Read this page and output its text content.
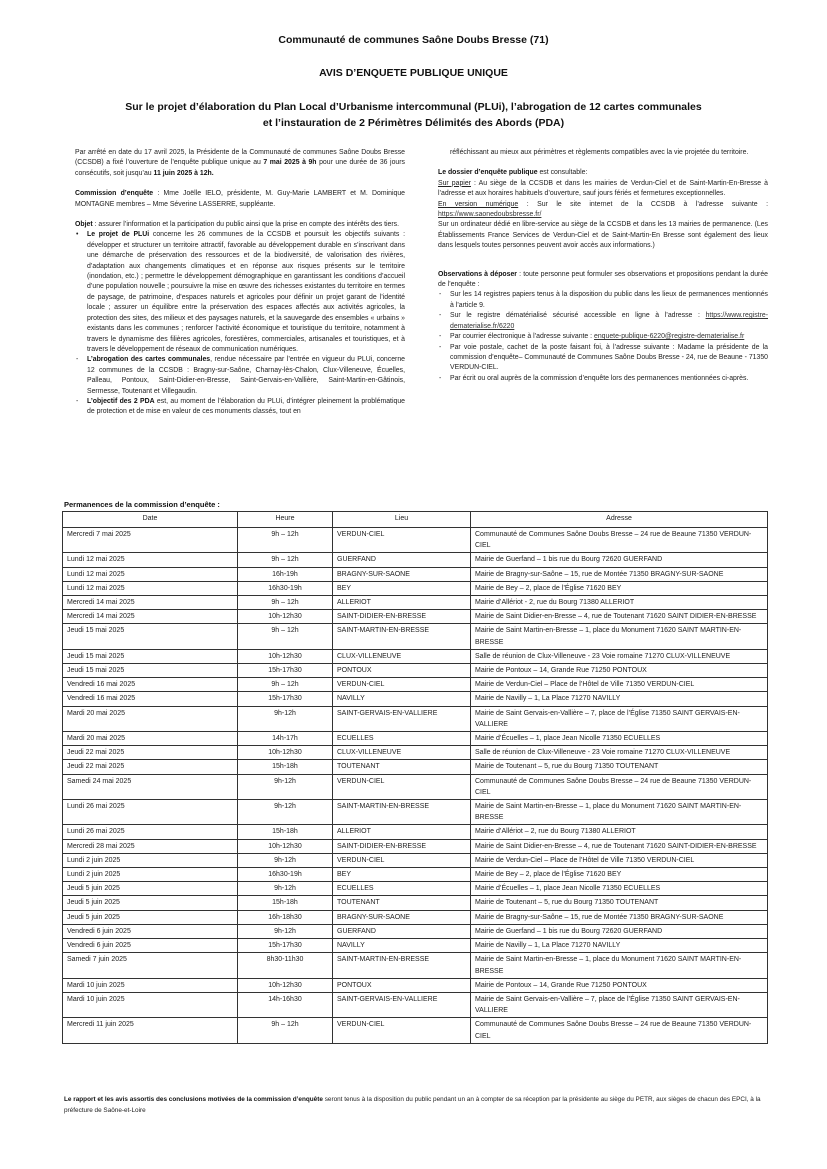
Communauté de communes Saône Doubs Bresse (71)
AVIS D’ENQUETE PUBLIQUE UNIQUE
Sur le projet d’élaboration du Plan Local d’Urbanisme intercommunal (PLUi), l’abrogation de 12 cartes communales
et l’instauration de 2 Périmètres Délimités des Abords (PDA)

Par arrêté en date du 17 avril 2025, la Présidente de la Communauté de communes Saône Doubs Bresse (CCSDB) a fixé l’ouverture de l’enquête publique unique au 7 mai 2025 à 9h pour une durée de 36 jours consécutifs, soit jusqu’au 11 juin 2025 à 12h.

Commission d’enquête : Mme Joëlle IELO, présidente, M. Guy-Marie LAMBERT et M. Dominique MONTAGNE membres – Mme Séverine LASSERRE, suppléante.

Objet : assurer l’information et la participation du public ainsi que la prise en compte des intérêts des tiers.

• Le projet de PLUi concerne les 26 communes de la CCSDB et poursuit les objectifs suivants : développer et structurer un territoire attractif, favorable au développement durable en s’inscrivant dans une démarche de préservation des ressources et de la biodiversité, de valorisation des rivières, d’adaptation aux changements climatiques et en réponse aux risques présents sur le territoire (inondation, etc.) ; permettre le développement démographique en garantissant les conditions d’accueil d’une population nouvelle ; poursuivre la mise en œuvre des richesses existantes du territoire en termes de paysage, de patrimoine, d’espaces naturels et agricoles pour définir un projet garant de l’identité locale ; assurer un équilibre entre la préservation des espaces affectés aux activités agricoles, la protection des sites, des milieux et des paysages naturels, et la sauvegarde des ensembles « urbains » existants dans les communes ; renforcer l’activité économique et touristique du territoire, notamment à travers le dynamisme des filières agricoles, forestières, commerciales, artisanales et touristiques, et à travers le développement de réseaux de communication numériques.
- L’abrogation des cartes communales, rendue nécessaire par l’entrée en vigueur du PLUi, concerne 12 communes de la CCSDB : Bragny-sur-Saône, Charnay-lès-Chalon, Clux-Villeneuve, Écuelles, Palleau, Pontoux, Saint-Didier-en-Bresse, Saint-Gervais-en-Vallière, Saint-Martin-en-Gâtinois, Sermesse, Toutenant et Villegaudin.
- L’objectif des 2 PDA est, au moment de l’élaboration du PLUi, d’intégrer pleinement la problématique de protection et de mise en valeur de ces monuments classés, tout en

réfléchissant au mieux aux périmètres et règlements compatibles avec la vie projetée du territoire.

Le dossier d’enquête publique est consultable:
Sur papier : Au siège de la CCSDB et dans les mairies de Verdun-Ciel et de Saint-Martin-En-Bresse à l’adresse et aux horaires habituels d’ouverture, sauf jours fériés et fermetures exceptionnelles.
En version numérique : Sur le site internet de la CCSDB à l’adresse suivante : https://www.saonedoubsbresse.fr/

Sur un ordinateur dédié en libre-service au siège de la CCSDB et dans les 13 mairies de permanence. (Les Établissements France Services de Verdun-Ciel et de Saint-Martin-En Bresse sont également des lieux dans lesquels toutes personnes peuvent avoir accès aux informations.)

Observations à déposer : toute personne peut formuler ses observations et propositions pendant la durée de l’enquête :

- Sur les 14 registres papiers tenus à la disposition du public dans les lieux de permanences mentionnés à l’article 9.
- Sur le registre dématérialisé sécurisé accessible en ligne à l’adresse : https://www.registre-dematerialise.fr/6220
- Par courrier électronique à l’adresse suivante : enquete-publique-6220@registre-dematerialise.fr
- Par voie postale, cachet de la poste faisant foi, à l’adresse suivante : Madame la présidente de la commission d’enquête– Communauté de Communes Saône Doubs Bresse - 24, rue de Beaune - 71350 VERDUN-CIEL.
- Par écrit ou oral auprès de la commission d’enquête lors des permanences mentionnées ci-après.
Permanences de la commission d’enquête :
Date	Heure	Lieu	Adresse
Mercredi 7 mai 2025	9h – 12h	VERDUN-CIEL	Communauté de Communes Saône Doubs Bresse – 24 rue de Beaune 71350 VERDUN-CIEL
Lundi 12 mai 2025	9h – 12h	GUERFAND	Mairie de Guerfand – 1 bis rue du Bourg 72620 GUERFAND
Lundi 12 mai 2025	16h-19h	BRAGNY-SUR-SAONE	Mairie de Bragny-sur-Saône – 15, rue de Montée 71350 BRAGNY-SUR-SAONE
Lundi 12 mai 2025	16h30-19h	BEY	Mairie de Bey – 2, place de l’Église 71620 BEY
Mercredi 14 mai 2025	9h – 12h	ALLERIOT	Mairie d’Allériot - 2, rue du Bourg 71380 ALLERIOT
Mercredi 14 mai 2025	10h-12h30	SAINT-DIDIER-EN-BRESSE	Mairie de Saint Didier-en-Bresse – 4, rue de Toutenant 71620 SAINT DIDIER-EN-BRESSE
Jeudi 15 mai 2025	9h – 12h	SAINT-MARTIN-EN-BRESSE	Mairie de Saint Martin-en-Bresse – 1, place du Monument 71620 SAINT MARTIN-EN-BRESSE
Jeudi 15 mai 2025	10h-12h30	CLUX-VILLENEUVE	Salle de réunion de Clux-Villeneuve - 23 Voie romaine 71270 CLUX-VILLENEUVE
Jeudi 15 mai 2025	15h-17h30	PONTOUX	Mairie de Pontoux – 14, Grande Rue 71250 PONTOUX
Vendredi 16 mai 2025	9h – 12h	VERDUN-CIEL	Mairie de Verdun-Ciel – Place de l’Hôtel de Ville 71350 VERDUN-CIEL
Vendredi 16 mai 2025	15h-17h30	NAVILLY	Mairie de Navilly – 1, La Place 71270 NAVILLY
Mardi 20 mai 2025	9h-12h	SAINT-GERVAIS-EN-VALLIERE	Mairie de Saint Gervais-en-Vallière – 7, place de l’Église 71350 SAINT GERVAIS-EN-VALLIERE
Mardi 20 mai 2025	14h-17h	ECUELLES	Mairie d’Écuelles – 1, place Jean Nicolle 71350 ECUELLES
Jeudi 22 mai 2025	10h-12h30	CLUX-VILLENEUVE	Salle de réunion de Clux-Villeneuve - 23 Voie romaine 71270 CLUX-VILLENEUVE
Jeudi 22 mai 2025	15h-18h	TOUTENANT	Mairie de Toutenant – 5, rue du Bourg 71350 TOUTENANT
Samedi 24 mai 2025	9h-12h	VERDUN-CIEL	Communauté de Communes Saône Doubs Bresse – 24 rue de Beaune 71350 VERDUN-CIEL
Lundi 26 mai 2025	9h-12h	SAINT-MARTIN-EN-BRESSE	Mairie de Saint Martin-en-Bresse – 1, place du Monument 71620 SAINT MARTIN-EN-BRESSE
Lundi 26 mai 2025	15h-18h	ALLERIOT	Mairie d’Allériot – 2, rue du Bourg 71380 ALLERIOT
Mercredi 28 mai 2025	10h-12h30	SAINT-DIDIER-EN-BRESSE	Mairie de Saint Didier-en-Bresse – 4, rue de Toutenant 71620 SAINT-DIDIER-EN-BRESSE
Lundi 2 juin 2025	9h-12h	VERDUN-CIEL	Mairie de Verdun-Ciel – Place de l’Hôtel de Ville 71350 VERDUN-CIEL
Lundi 2 juin 2025	16h30-19h	BEY	Mairie de Bey – 2, place de l’Église 71620 BEY
Jeudi 5 juin 2025	9h-12h	ECUELLES	Mairie d’Écuelles – 1, place Jean Nicolle 71350 ECUELLES
Jeudi 5 juin 2025	15h-18h	TOUTENANT	Mairie de Toutenant – 5, rue du Bourg 71350 TOUTENANT
Jeudi 5 juin 2025	16h-18h30	BRAGNY-SUR-SAONE	Mairie de Bragny-sur-Saône – 15, rue de Montée 71350 BRAGNY-SUR-SAONE
Vendredi 6 juin 2025	9h-12h	GUERFAND	Mairie de Guerfand – 1 bis rue du Bourg 72620 GUERFAND
Vendredi 6 juin 2025	15h-17h30	NAVILLY	Mairie de Navilly – 1, La Place 71270 NAVILLY
Samedi 7 juin 2025	8h30-11h30	SAINT-MARTIN-EN-BRESSE	Mairie de Saint Martin-en-Bresse – 1, place du Monument 71620 SAINT MARTIN-EN-BRESSE
Mardi 10 juin 2025	10h-12h30	PONTOUX	Mairie de Pontoux – 14, Grande Rue 71250 PONTOUX
Mardi 10 juin 2025	14h-16h30	SAINT-GERVAIS-EN-VALLIERE	Mairie de Saint Gervais-en-Vallière – 7, place de l’Église 71350 SAINT GERVAIS-EN-VALLIERE
Mercredi 11 juin 2025	9h – 12h	VERDUN-CIEL	Communauté de Communes Saône Doubs Bresse – 24 rue de Beaune 71350 VERDUN-CIEL
Le rapport et les avis assortis des conclusions motivées de la commission d’enquête seront tenus à la disposition du public pendant un an à compter de sa réception par la présidente au siège du PETR, aux sièges de chacun des EPCI, à la préfecture de Saône-et-Loire
